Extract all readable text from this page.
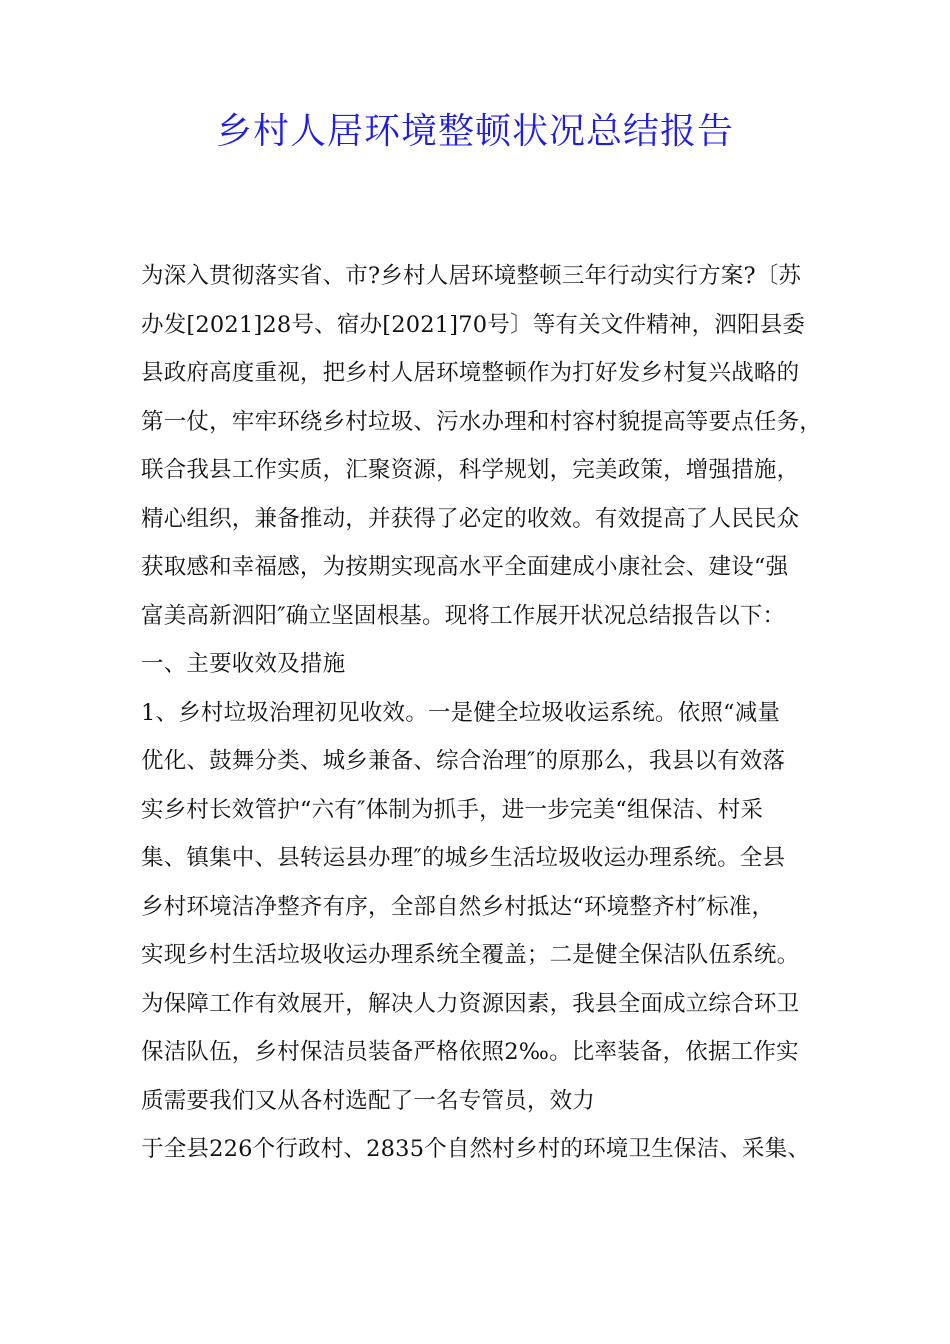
乡村人居环境整顿状况总结报告
为深入贯彻落实省、市?乡村人居环境整顿三年行动实行方案?〔苏
办发[2021]28号、宿办[2021]70号〕等有关文件精神，泗阳县委
县政府高度重视，把乡村人居环境整顿作为打好发乡村复兴战略的
第一仗，牢牢环绕乡村垃圾、污水办理和村容村貌提高等要点任务，
联合我县工作实质，汇聚资源，科学规划，完美政策，增强措施，
精心组织，兼备推动，并获得了必定的收效。有效提高了人民民众
获取感和幸福感，为按期实现高水平全面建成小康社会、建设“强
富美高新泗阳″确立坚固根基。现将工作展开状况总结报告以下：
一、主要收效及措施
1、乡村垃圾治理初见收效。一是健全垃圾收运系统。依照“减量
优化、鼓舞分类、城乡兼备、综合治理″的原那么，我县以有效落
实乡村长效管护“六有″体制为抓手，进一步完美“组保洁、村采
集、镇集中、县转运县办理″的城乡生活垃圾收运办理系统。全县
乡村环境洁净整齐有序，全部自然乡村抵达“环境整齐村″标准，
实现乡村生活垃圾收运办理系统全覆盖；二是健全保洁队伍系统。
为保障工作有效展开，解决人力资源因素，我县全面成立综合环卫
保洁队伍，乡村保洁员装备严格依照2‰。比率装备，依据工作实
质需要我们又从各村选配了一名专管员，效力
于全县226个行政村、2835个自然村乡村的环境卫生保洁、采集、
